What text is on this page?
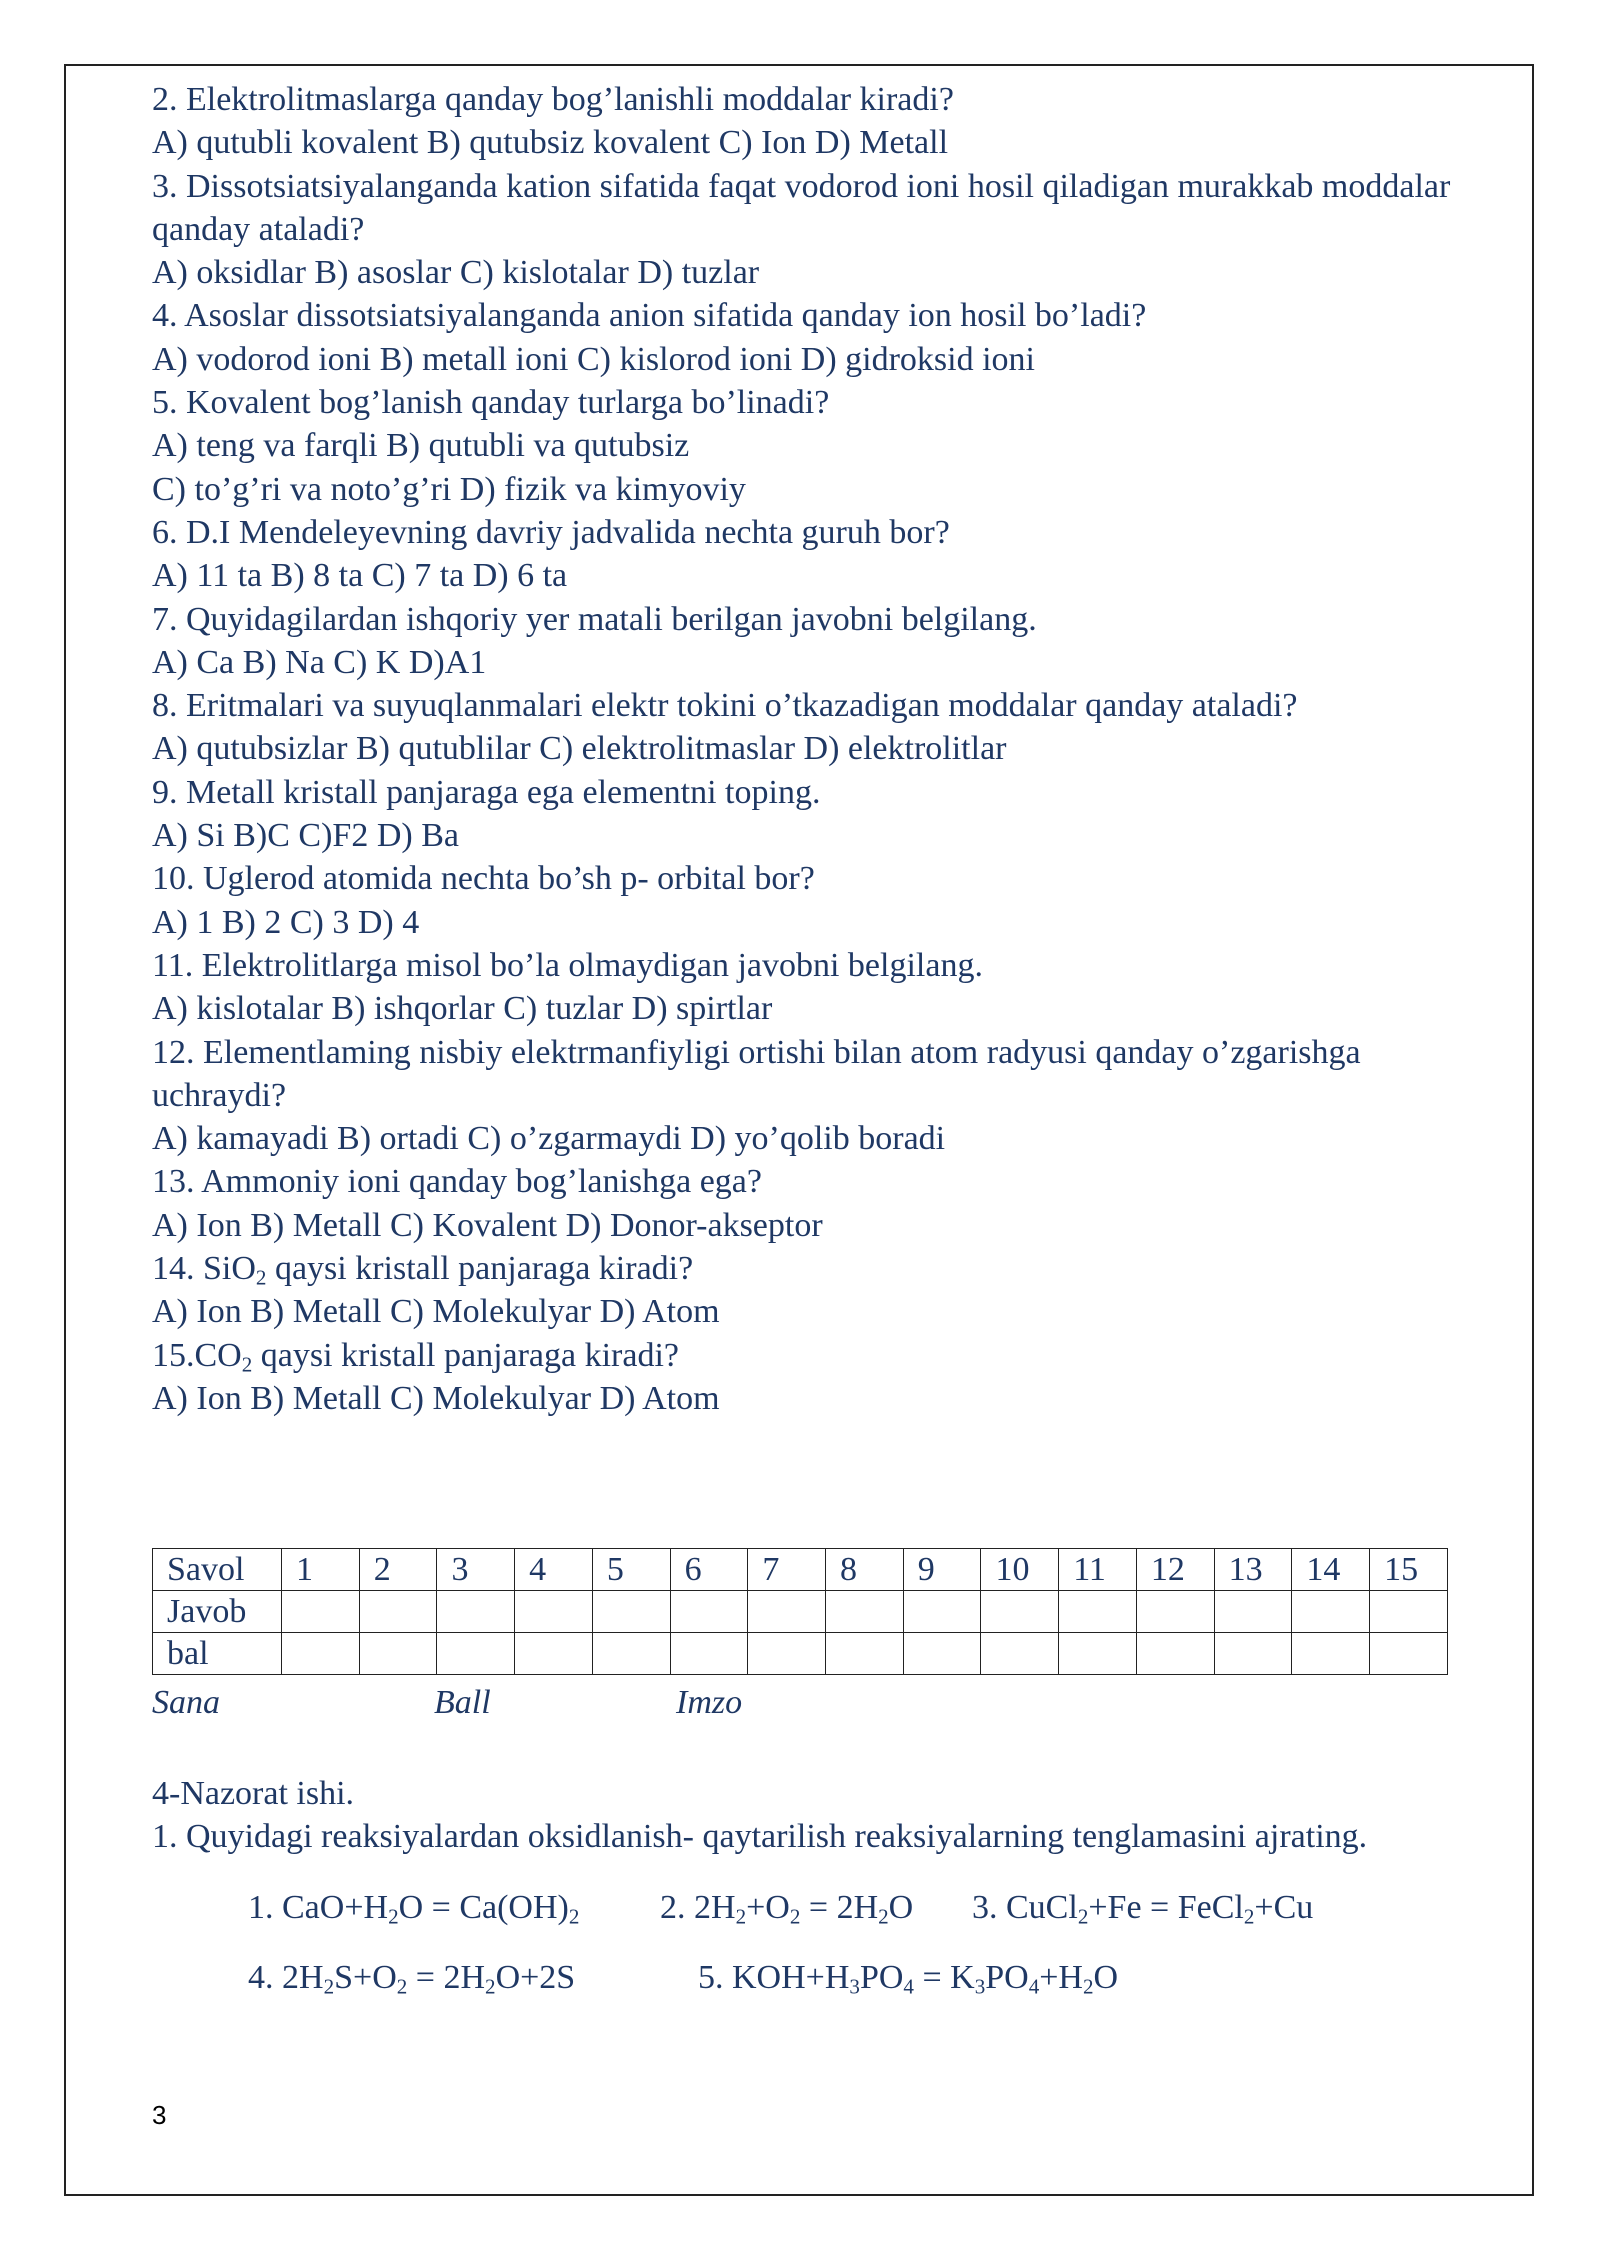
2. Elektrolitmaslarga qanday bog’lanishli moddalar kiradi?
A) qutubli kovalent B) qutubsiz kovalent C) Ion D) Metall
3. Dissotsiatsiyalanganda kation sifatida faqat vodorod ioni hosil qiladigan murakkab moddalar qanday ataladi?
A) oksidlar B) asoslar C) kislotalar D) tuzlar
4. Asoslar dissotsiatsiyalanganda anion sifatida qanday ion hosil bo’ladi?
A) vodorod ioni B) metall ioni C) kislorod ioni D) gidroksid ioni
5. Kovalent bog’lanish qanday turlarga bo’linadi?
A) teng va farqli B) qutubli va qutubsiz
C) to’g’ri va noto’g’ri D) fizik va kimyoviy
6. D.I Mendeleyevning davriy jadvalida nechta guruh bor?
A) 11 ta B) 8 ta C) 7 ta D) 6 ta
7. Quyidagilardan ishqoriy yer matali berilgan javobni belgilang.
A) Ca B) Na C) K D)A1
8. Eritmalari va suyuqlanmalari elektr tokini o’tkazadigan moddalar qanday ataladi?
A) qutubsizlar B) qutublilar C) elektrolitmaslar D) elektrolitlar
9. Metall kristall panjaraga ega elementni toping.
A) Si B)C C)F2 D) Ba
10. Uglerod atomida nechta bo’sh p- orbital bor?
A) 1 B) 2 C) 3 D) 4
11. Elektrolitlarga misol bo’la olmaydigan javobni belgilang.
A) kislotalar B) ishqorlar C) tuzlar D) spirtlar
12. Elementlaming nisbiy elektrmanfiyligi ortishi bilan atom radyusi qanday o’zgarishga uchraydi?
A) kamayadi B) ortadi C) o’zgarmaydi D) yo’qolib boradi
13. Ammoniy ioni qanday bog’lanishga ega?
A) Ion B) Metall C) Kovalent D) Donor-akseptor
14. SiO$_2$ qaysi kristall panjaraga kiradi?
A) Ion B) Metall C) Molekulyar D) Atom
$15.CO_2$ qaysi kristall panjaraga kiradi?
A) Ion B) Metall C) Molekulyar D) Atom
Savol	1	2	3	4	5	6	7	8	9	10	11	12	13	14	15
Javob															
bal															
Sana	Ball	Imzo
4-Nazorat ishi.
1. Quyidagi reaksiyalardan oksidlanish- qaytarilish reaksiyalarning tenglamasini ajrating.
1. $CaO+H_2O = Ca(OH)_2$ 2. $2H_2+O_2 = 2H_2O$ 3. CuCl$_2$+Fe = FeCl$_2$+Cu
4. $2H_2S+O_2 = 2H_2O+2S$	5. $KOH+H_3PO_4 = K_3PO_4+H_2O$
3
